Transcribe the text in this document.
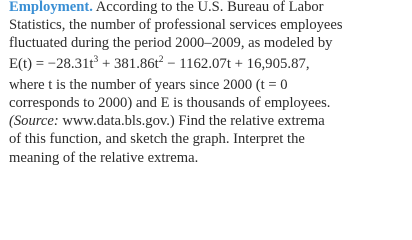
Employment. According to the U.S. Bureau of Labor
Statistics, the number of professional services employees
fluctuated during the period 2000–2009, as modeled by
$E(t) = -28.31t^3 + 381.86t^2 - 1162.07t + 16,905.87$,
where t is the number of years since 2000 (t = 0
corresponds to 2000) and E is thousands of employees.
(Source: www.data.bls.gov.) Find the relative extrema
of this function, and sketch the graph. Interpret the
meaning of the relative extrema.
